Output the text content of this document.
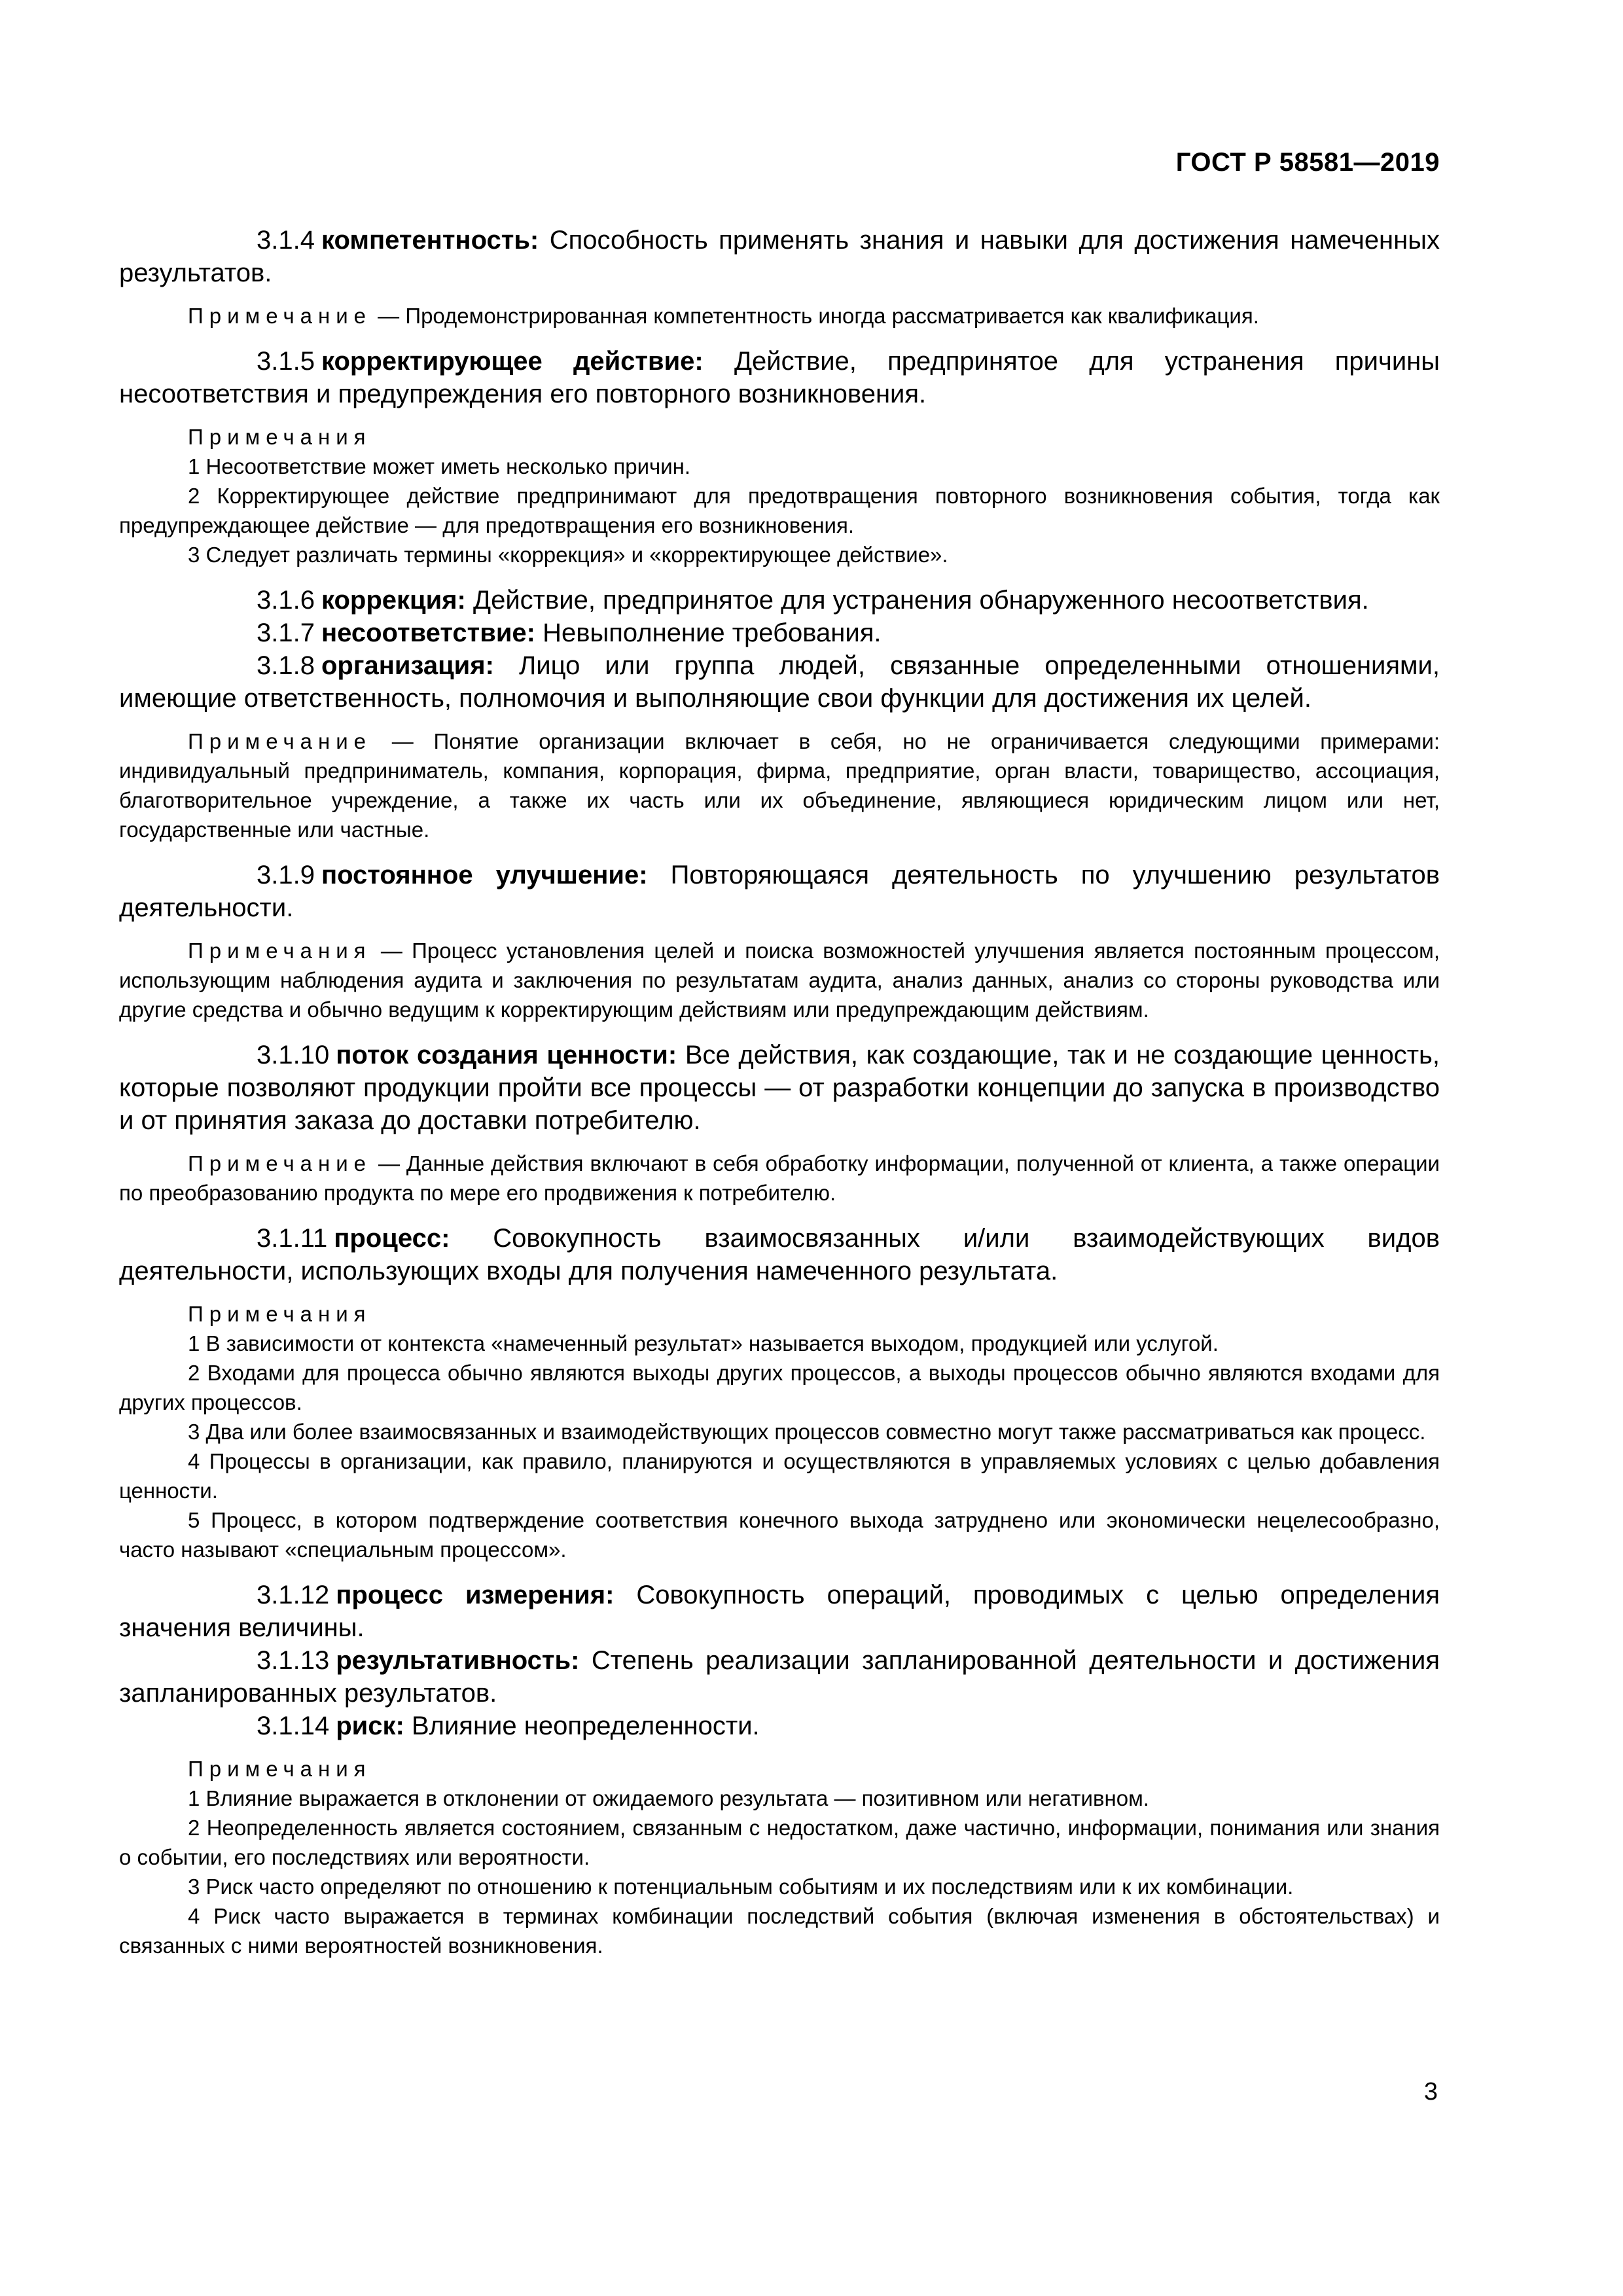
ГОСТ Р 58581—2019

3.1.4 компетентность: Способность применять знания и навыки для достижения намеченных результатов.

Примечание — Продемонстрированная компетентность иногда рассматривается как квалификация.

3.1.5 корректирующее действие: Действие, предпринятое для устранения причины несоответствия и предупреждения его повторного возникновения.

Примечания

1 Несоответствие может иметь несколько причин.

2 Корректирующее действие предпринимают для предотвращения повторного возникновения события, тогда как предупреждающее действие — для предотвращения его возникновения.

3 Следует различать термины «коррекция» и «корректирующее действие».

3.1.6 коррекция: Действие, предпринятое для устранения обнаруженного несоответствия.

3.1.7 несоответствие: Невыполнение требования.

3.1.8 организация: Лицо или группа людей, связанные определенными отношениями, имеющие ответственность, полномочия и выполняющие свои функции для достижения их целей.

Примечание — Понятие организации включает в себя, но не ограничивается следующими примерами: индивидуальный предприниматель, компания, корпорация, фирма, предприятие, орган власти, товарищество, ассоциация, благотворительное учреждение, а также их часть или их объединение, являющиеся юридическим лицом или нет, государственные или частные.

3.1.9 постоянное улучшение: Повторяющаяся деятельность по улучшению результатов деятельности.

Примечания — Процесс установления целей и поиска возможностей улучшения является постоянным процессом, использующим наблюдения аудита и заключения по результатам аудита, анализ данных, анализ со стороны руководства или другие средства и обычно ведущим к корректирующим действиям или предупреждающим действиям.

3.1.10 поток создания ценности: Все действия, как создающие, так и не создающие ценность, которые позволяют продукции пройти все процессы — от разработки концепции до запуска в производство и от принятия заказа до доставки потребителю.

Примечание — Данные действия включают в себя обработку информации, полученной от клиента, а также операции по преобразованию продукта по мере его продвижения к потребителю.

3.1.11 процесс: Совокупность взаимосвязанных и/или взаимодействующих видов деятельности, использующих входы для получения намеченного результата.

Примечания

1 В зависимости от контекста «намеченный результат» называется выходом, продукцией или услугой.

2 Входами для процесса обычно являются выходы других процессов, а выходы процессов обычно являются входами для других процессов.

3 Два или более взаимосвязанных и взаимодействующих процессов совместно могут также рассматриваться как процесс.

4 Процессы в организации, как правило, планируются и осуществляются в управляемых условиях с целью добавления ценности.

5 Процесс, в котором подтверждение соответствия конечного выхода затруднено или экономически нецелесообразно, часто называют «специальным процессом».

3.1.12 процесс измерения: Совокупность операций, проводимых с целью определения значения величины.

3.1.13 результативность: Степень реализации запланированной деятельности и достижения запланированных результатов.

3.1.14 риск: Влияние неопределенности.

Примечания

1 Влияние выражается в отклонении от ожидаемого результата — позитивном или негативном.

2 Неопределенность является состоянием, связанным с недостатком, даже частично, информации, понимания или знания о событии, его последствиях или вероятности.

3 Риск часто определяют по отношению к потенциальным событиям и их последствиям или к их комбинации.

4 Риск часто выражается в терминах комбинации последствий события (включая изменения в обстоятельствах) и связанных с ними вероятностей возникновения.

3
